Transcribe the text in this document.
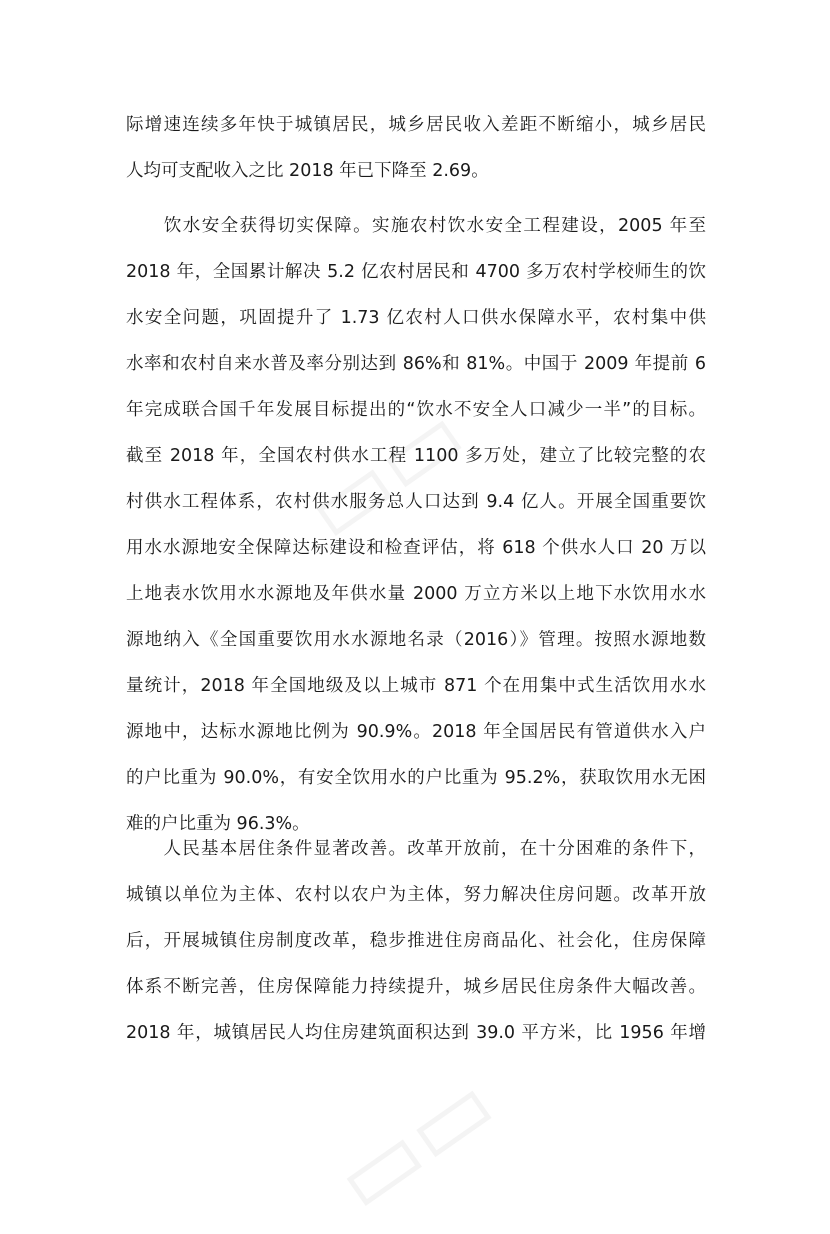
际增速连续多年快于城镇居民，城乡居民收入差距不断缩小，城乡居民
人均可支配收入之比 2018 年已下降至 2.69。
　　饮水安全获得切实保障。实施农村饮水安全工程建设，2005 年至
2018 年，全国累计解决 5.2 亿农村居民和 4700 多万农村学校师生的饮
水安全问题，巩固提升了 1.73 亿农村人口供水保障水平，农村集中供
水率和农村自来水普及率分别达到 86%和 81%。中国于 2009 年提前 6
年完成联合国千年发展目标提出的“饮水不安全人口减少一半”的目标。
截至 2018 年，全国农村供水工程 1100 多万处，建立了比较完整的农
村供水工程体系，农村供水服务总人口达到 9.4 亿人。开展全国重要饮
用水水源地安全保障达标建设和检查评估，将 618 个供水人口 20 万以
上地表水饮用水水源地及年供水量 2000 万立方米以上地下水饮用水水
源地纳入《全国重要饮用水水源地名录（2016）》管理。按照水源地数
量统计，2018 年全国地级及以上城市 871 个在用集中式生活饮用水水
源地中，达标水源地比例为 90.9%。2018 年全国居民有管道供水入户
的户比重为 90.0%，有安全饮用水的户比重为 95.2%，获取饮用水无困
难的户比重为 96.3%。
　　人民基本居住条件显著改善。改革开放前，在十分困难的条件下，
城镇以单位为主体、农村以农户为主体，努力解决住房问题。改革开放
后，开展城镇住房制度改革，稳步推进住房商品化、社会化，住房保障
体系不断完善，住房保障能力持续提升，城乡居民住房条件大幅改善。
2018 年，城镇居民人均住房建筑面积达到 39.0 平方米，比 1956 年增
